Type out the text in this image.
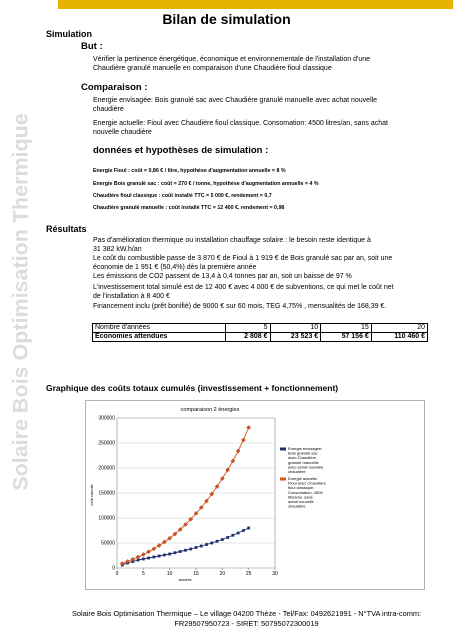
Solaire Bois Optimisation Thermique
Bilan de simulation
Simulation
But :
Vérifier la pertinence énergétique, économique et environnementale de l'installation d'une
Chaudière granulé manuelle en comparaison d'une Chaudière fioul classique
Comparaison :
Energie envisagée: Bois granulé sac avec Chaudière granulé manuelle avec achat nouvelle
chaudière
Energie actuelle: Fioul avec Chaudière fioul classique. Consomation: 4500 litres/an, sans achat
nouvelle chaudière
données et hypothèses de simulation :
Energie Fioul : coût = 0,86 € / litre, hypothèse d'augmentation annuelle = 8 %
Energie Bois granulé sac : coût = 270 € / tonne, hypothèse d'augmentation annuelle = 4 %
Chaudière fioul classique : coût installé TTC = 5 000 €, rendement = 0,7
Chaudière granulé manuelle : coût installé TTC = 12 400 €, rendement = 0,98
Résultats
Pas d'amélioration thermique ou installation chauffage solaire : le besoin reste identique à
31 382 kW.h/an
Le coût du combustible passe de 3 870 € de Fioul à 1 919 € de Bois granulé sac par an, soit une
économie de 1 951 € (50,4%) dès la première année
Les émissions de CO2 passent de 13,4 à 0,4 tonnes par an, soit un baisse de 97 %
L'investissement total simulé est de 12 400 € avec 4 000 € de subventions, ce qui met le coût net
de l'installation à 8 400 €
Financement inclu (prêt bonifié) de 9000 € sur 60 mois, TEG 4,75% , mensualités de 168,39 €.
Nombre d'années	5	10	15	20
Economies attendues	2 808 €	23 523 €	57 156 €	110 460 €
Graphique des coûts totaux cumulés (investissement + fonctionnement)
comparaison 2 énergies
0
50000
100000
150000
200000
250000
300000
0	5	10	15	20	25	30
années
coût cumulé
Energie envisagée: Bois granulé sac avec Chaudière granulé manuelle avec achat nouvelle chaudière
Energie actuelle: Fioul avec Chaudière fioul classique. Consomation: 4500 litres/an, sans achat nouvelle chaudière
Solaire Bois Optimisation Thermique – Le village 04200 Thèze - Tel/Fax: 0492621991 - N°TVA intra-comm:
FR29507950723 - SIRET: 50795072300019
